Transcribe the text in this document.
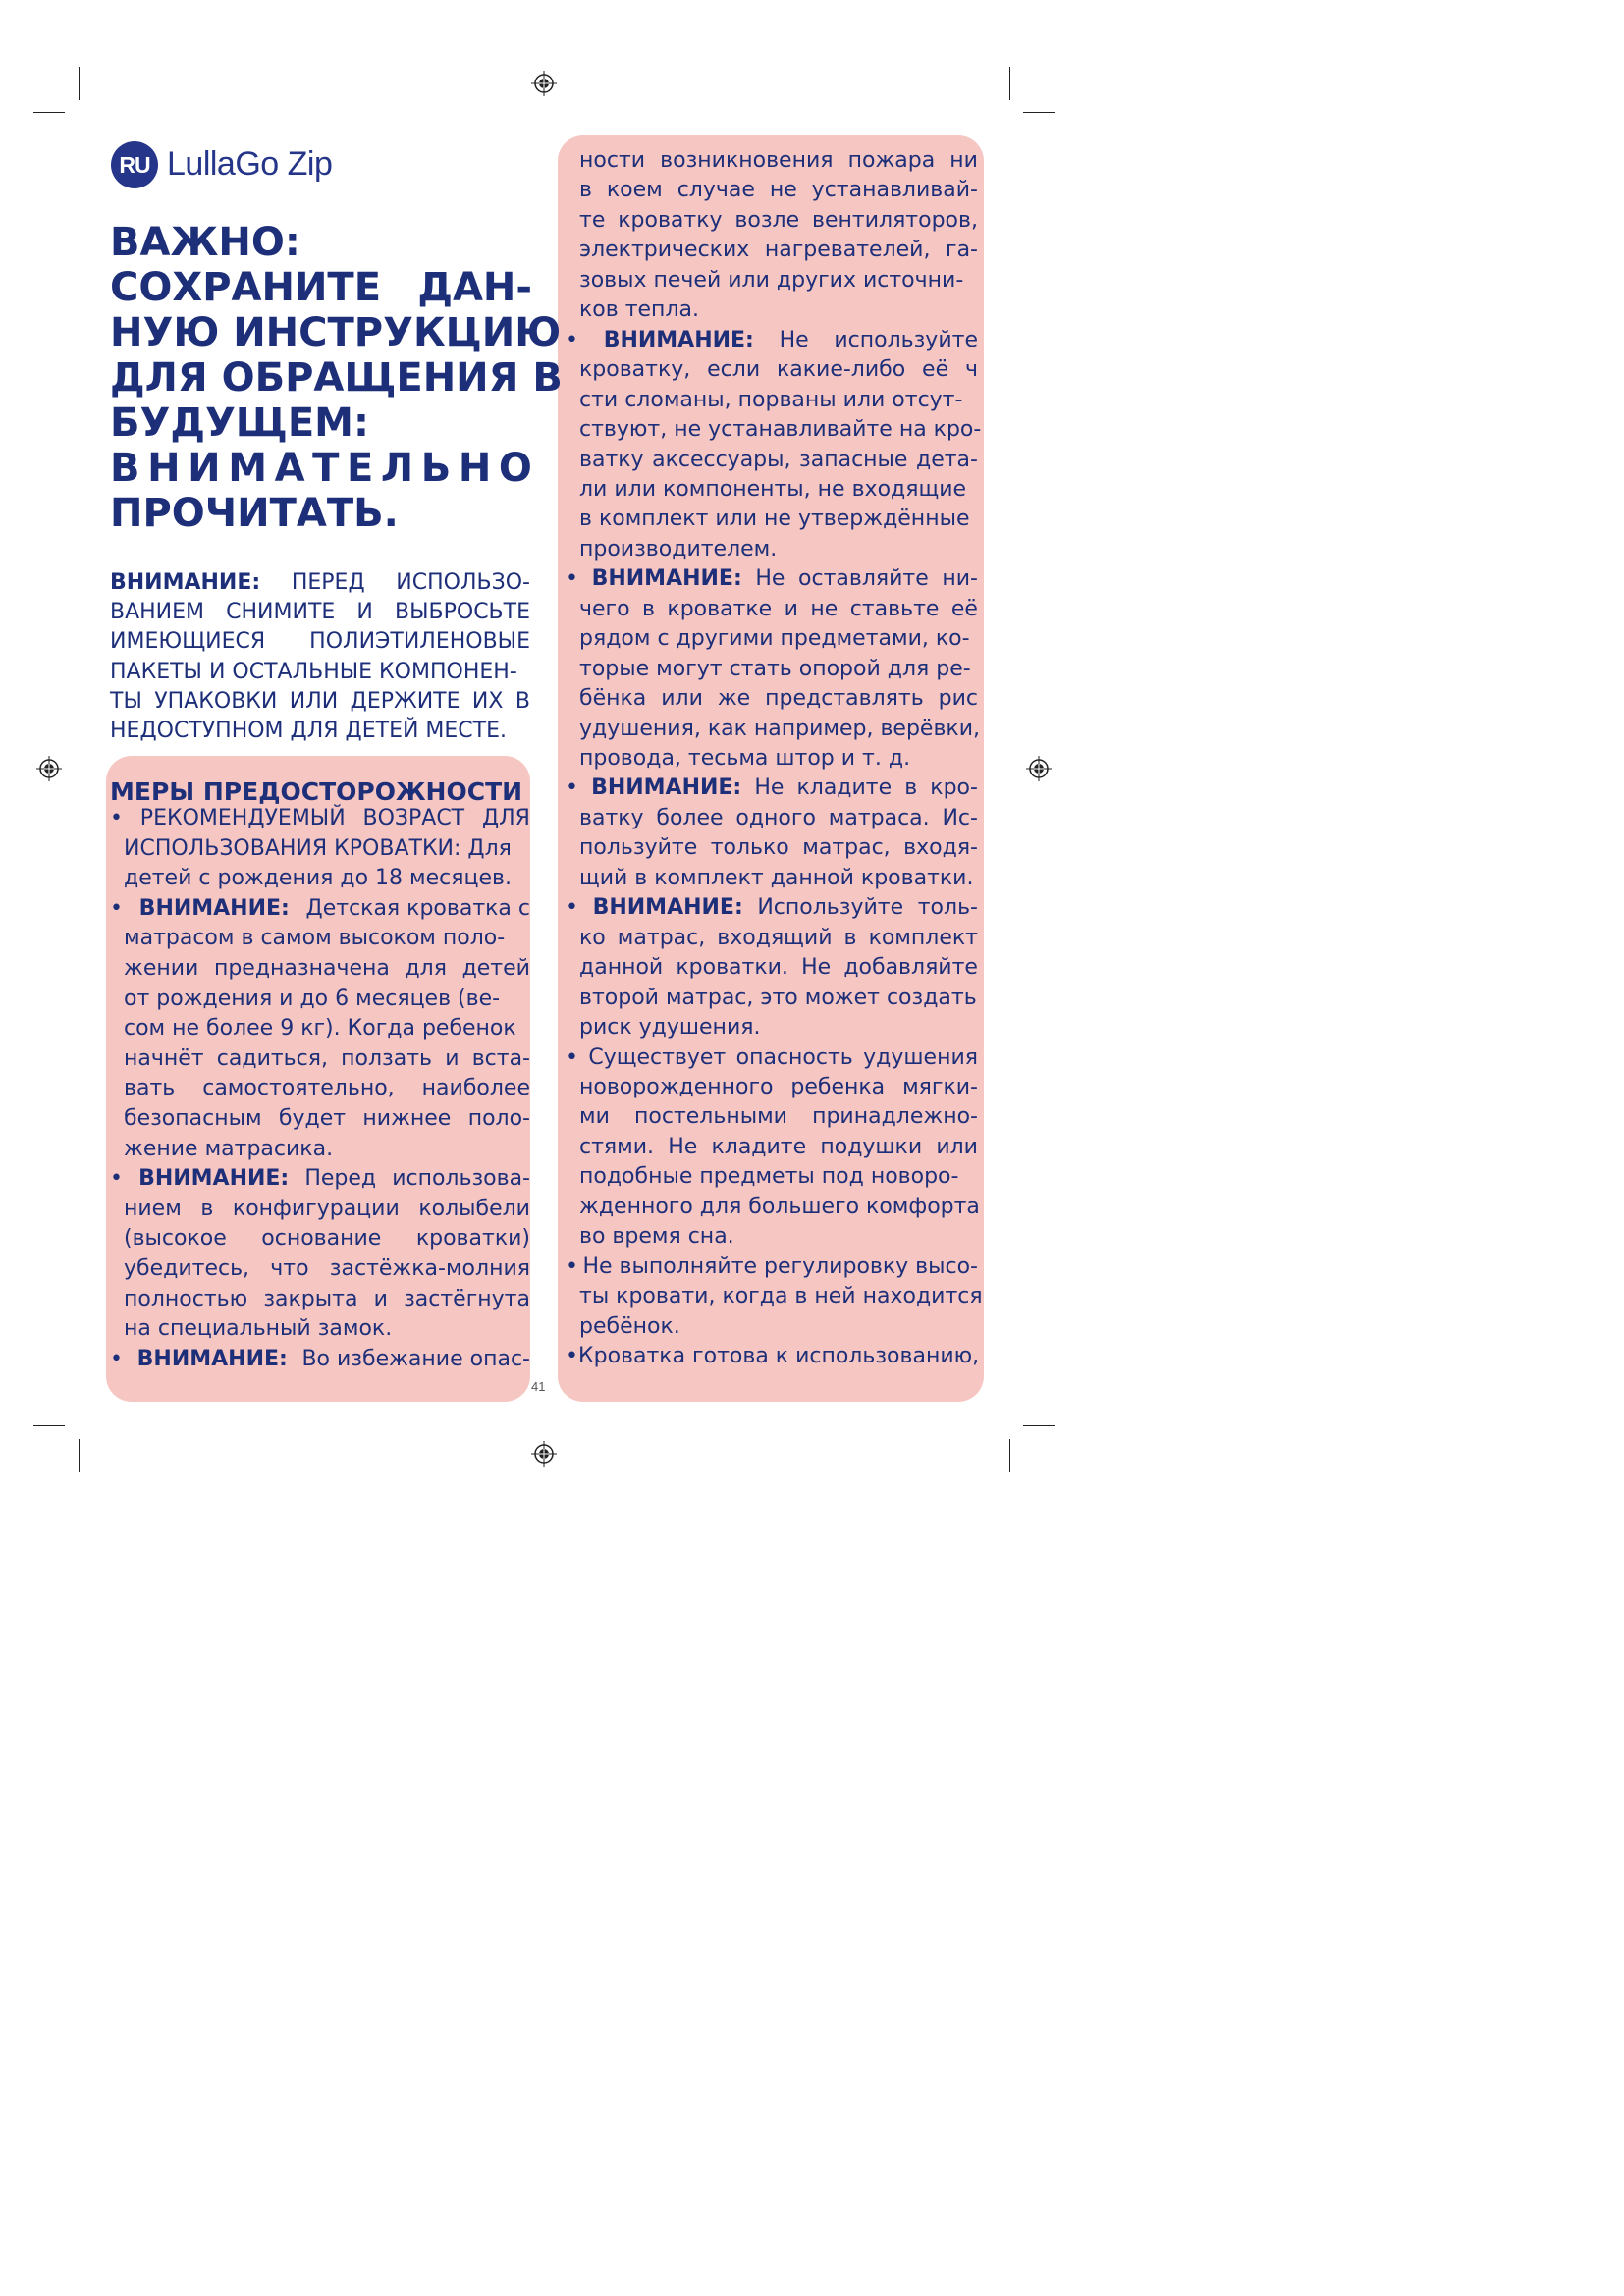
RU LullaGo Zip
ВАЖНО:
СОХРАНИТЕ ДАН-
НУЮ ИНСТРУКЦИЮ
ДЛЯ ОБРАЩЕНИЯ В
БУДУЩЕМ:
В Н И М А Т Е Л Ь Н О
ПРОЧИТАТЬ.
ВНИМАНИЕ: ПЕРЕД ИСПОЛЬЗО-
ВАНИЕМ СНИМИТЕ И ВЫБРОСЬТЕ
ИМЕЮЩИЕСЯ ПОЛИЭТИЛЕНОВЫЕ
ПАКЕТЫ И ОСТАЛЬНЫЕ КОМПОНЕН-
ТЫ УПАКОВКИ ИЛИ ДЕРЖИТЕ ИХ В
НЕДОСТУПНОМ ДЛЯ ДЕТЕЙ МЕСТЕ.
МЕРЫ ПРЕДОСТОРОЖНОСТИ
• РЕКОМЕНДУЕМЫЙ ВОЗРАСТ ДЛЯ
ИСПОЛЬЗОВАНИЯ КРОВАТКИ: Для
детей с рождения до 18 месяцев.
• ВНИМАНИЕ: Детская кроватка с
матрасом в самом высоком поло-
жении предназначена для детей
от рождения и до 6 месяцев (ве-
сом не более 9 кг). Когда ребенок
начнёт садиться, ползать и вста-
вать самостоятельно, наиболее
безопасным будет нижнее поло-
жение матрасика.
• ВНИМАНИЕ: Перед использова-
нием в конфигурации колыбели
(высокое основание кроватки)
убедитесь, что застёжка-молния
полностью закрыта и застёгнута
на специальный замок.
• ВНИМАНИЕ: Во избежание опас-
ности возникновения пожара ни
в коем случае не устанавливай-
те кроватку возле вентиляторов,
электрических нагревателей, га-
зовых печей или других источни-
ков тепла.
• ВНИМАНИЕ: Не используйте
кроватку, если какие-либо её ч
сти сломаны, порваны или отсут-
ствуют, не устанавливайте на кро-
ватку аксессуары, запасные дета-
ли или компоненты, не входящие
в комплект или не утверждённые
производителем.
• ВНИМАНИЕ: Не оставляйте ни-
чего в кроватке и не ставьте её
рядом с другими предметами, ко-
торые могут стать опорой для ре-
бёнка или же представлять рис
удушения, как например, верёвки,
провода, тесьма штор и т. д.
• ВНИМАНИЕ: Не кладите в кро-
ватку более одного матраса. Ис-
пользуйте только матрас, входя-
щий в комплект данной кроватки.
• ВНИМАНИЕ: Используйте толь-
ко матрас, входящий в комплект
данной кроватки. Не добавляйте
второй матрас, это может создать
риск удушения.
• Существует опасность удушения
новорожденного ребенка мягки-
ми постельными принадлежно-
стями. Не кладите подушки или
подобные предметы под новоро-
жденного для большего комфорта
во время сна.
• Не выполняйте регулировку высо-
ты кровати, когда в ней находится
ребёнок.
• Кроватка готова к использованию,
41
